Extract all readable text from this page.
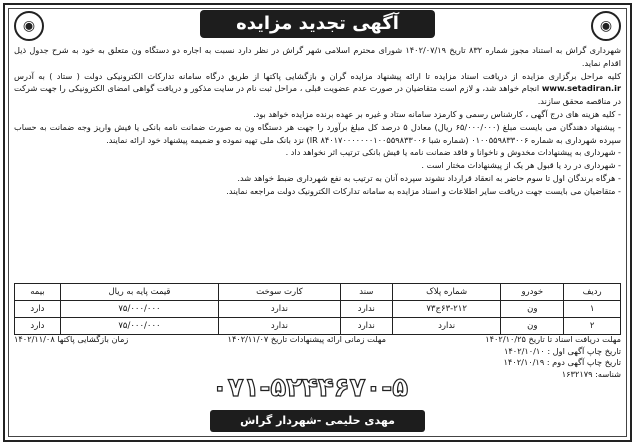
◉	◉
آگهی تجدید مزایده

شهرداری گراش به استناد مجوز شماره ۸۳۲ تاریخ ۱۴۰۲/۰۷/۱۹ شورای محترم اسلامی شهر گراش در نظر دارد نسبت به اجاره دو دستگاه ون متعلق به خود به شرح جدول ذیل اقدام نماید.

کلیه مراحل برگزاری مزایده از دریافت اسناد مزایده تا ارائه پیشنهاد مزایده گران و بازگشایی پاکتها از طریق درگاه سامانه تدارکات الکترونیکی دولت ( ستاد ) به آدرس www.setadiran.ir انجام خواهد شد، و لازم است متقاضیان در صورت عدم عضویت قبلی ، مراحل ثبت نام در سایت مذکور و دریافت گواهی امضای الکترونیکی را جهت شرکت در مناقصه محقق سازند.

- کلیه هزینه های درج آگهی ، کارشناس رسمی و کارمزد سامانه ستاد و غیره بر عهده برنده مزایده خواهد بود.

- پیشنهاد دهندگان می بایست مبلغ (۶۵/۰۰۰/۰۰۰ ریال) معادل ۵ درصد کل مبلغ برآورد را جهت هر دستگاه ون به صورت ضمانت نامه بانکی یا فیش واریز وجه ضمانت به حساب سپرده شهرداری به شماره ۰۱۰۰۵۵۹۸۳۳۰۰۶ (شماره شبا ۸۴۰۱۷۰۰۰۰۰۰۰۱۰۰۵۵۹۸۳۳۰۰۶ IR) نزد بانک ملی تهیه نموده و ضمیمه پیشنهاد خود ارائه نمایند.

- شهرداری به پیشنهادات مخدوش و ناخوانا و فاقد ضمانت نامه یا فیش بانکی ترتیب اثر نخواهد داد .

- شهرداری در رد یا قبول هر یک از پیشنهادات مختار است .

- هرگاه برندگان اول تا سوم حاضر به انعقاد قرارداد نشوند سپرده آنان به ترتیب به نفع شهرداری ضبط خواهد شد.

- متقاضیان می بایست جهت دریافت سایر اطلاعات و اسناد مزایده به سامانه تدارکات الکترونیک دولت مراجعه نمایند.

ردیف	خودرو	شماره پلاک	سند	کارت سوخت	قیمت پایه به ریال	بیمه
۱	ون	۶۳-۲۱۲ج۷۳	ندارد	ندارد	۷۵/۰۰۰/۰۰۰	دارد
۲	ون	ندارد	ندارد	ندارد	۷۵/۰۰۰/۰۰۰	دارد
مهلت دریافت اسناد تا تاریخ ۱۴۰۲/۱۰/۲۵
مهلت زمانی ارائه پیشنهادات تاریخ ۱۴۰۲/۱۱/۰۷
زمان بازگشایی پاکتها ۱۴۰۲/۱۱/۰۸
تاریخ چاپ آگهی اول : ۱۴۰۲/۱۰/۱۰
تاریخ چاپ آگهی دوم : ۱۴۰۲/۱۰/۱۹
شناسه: ۱۶۳۲۱۷۹
۰۷۱-۵۲۴۴۶۷۰-۵
مهدی حلیمی -شهردار گراش
